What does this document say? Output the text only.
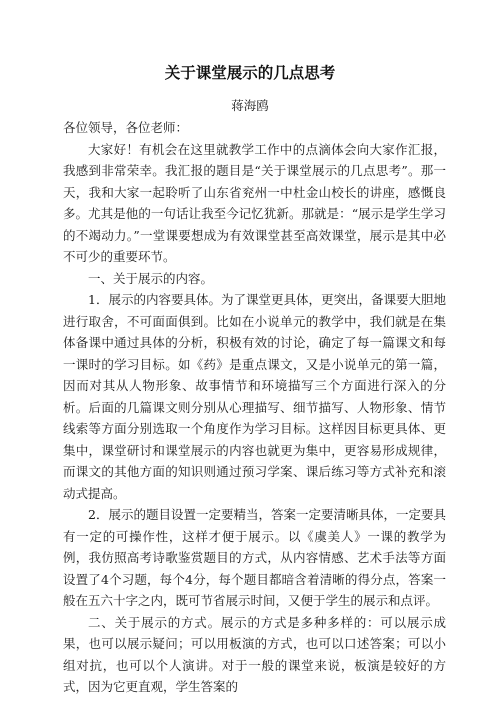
关于课堂展示的几点思考
蒋海鸥

各位领导，各位老师：

大家好！有机会在这里就教学工作中的点滴体会向大家作汇报，我感到非常荣幸。我汇报的题目是“关于课堂展示的几点思考”。那一天，我和大家一起聆听了山东省兖州一中杜金山校长的讲座，感慨良多。尤其是他的一句话让我至今记忆犹新。那就是：“展示是学生学习的不竭动力。”一堂课要想成为有效课堂甚至高效课堂，展示是其中必不可少的重要环节。

一、关于展示的内容。

1．展示的内容要具体。为了课堂更具体，更突出，备课要大胆地进行取舍，不可面面俱到。比如在小说单元的教学中，我们就是在集体备课中通过具体的分析，积极有效的讨论，确定了每一篇课文和每一课时的学习目标。如《药》是重点课文，又是小说单元的第一篇，因而对其从人物形象、故事情节和环境描写三个方面进行深入的分析。后面的几篇课文则分别从心理描写、细节描写、人物形象、情节线索等方面分别选取一个角度作为学习目标。这样因目标更具体、更集中，课堂研讨和课堂展示的内容也就更为集中，更容易形成规律，而课文的其他方面的知识则通过预习学案、课后练习等方式补充和滚动式提高。

2．展示的题目设置一定要精当，答案一定要清晰具体，一定要具有一定的可操作性，这样才便于展示。以《虞美人》一课的教学为例，我仿照高考诗歌鉴赏题目的方式，从内容情感、艺术手法等方面设置了4个习题，每个4分，每个题目都暗含着清晰的得分点，答案一般在五六十字之内，既可节省展示时间，又便于学生的展示和点评。

二、关于展示的方式。展示的方式是多种多样的：可以展示成果，也可以展示疑问；可以用板演的方式，也可以口述答案；可以小组对抗，也可以个人演讲。对于一般的课堂来说，板演是较好的方式，因为它更直观，学生答案的
